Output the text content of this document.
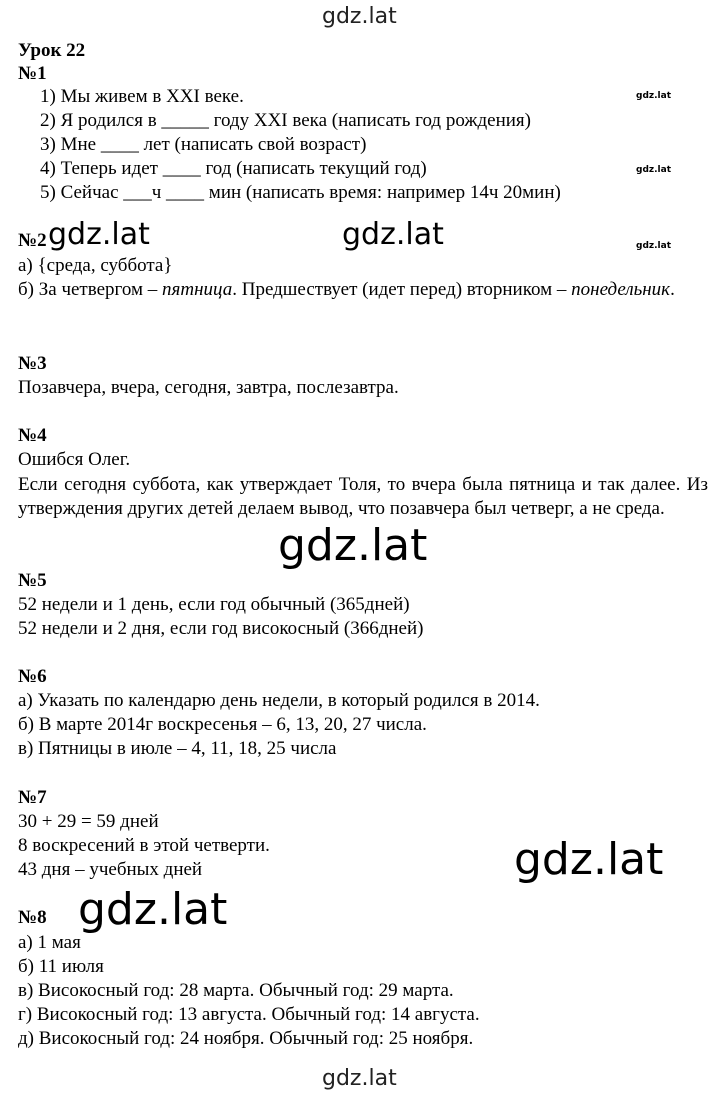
gdz.lat
gdz.lat
gdz.lat
gdz.lat
gdz.lat
gdz.lat	gdz.lat
gdz.lat
gdz.lat
gdz.lat
Урок 22
№1
1) Мы живем в XXI веке.
2) Я родился в _____ году XXI века (написать год рождения)
3) Мне ____ лет (написать свой возраст)
4) Теперь идет ____ год (написать текущий год)
5) Сейчас ___ч ____ мин (написать время: например 14ч 20мин)
№2
а) {среда, суббота}
б) За четвергом – пятница. Предшествует (идет перед) вторником – понедельник.
№3
Позавчера, вчера, сегодня, завтра, послезавтра.
№4
Ошибся Олег.
Если сегодня суббота, как утверждает Толя, то вчера была пятница и так далее. Из утверждения других детей делаем вывод, что позавчера был четверг, а не среда.
№5
52 недели и 1 день, если год обычный (365дней)
52 недели и 2 дня, если год високосный (366дней)
№6
а) Указать по календарю день недели, в который родился в 2014.
б) В марте 2014г воскресенья – 6, 13, 20, 27 числа.
в) Пятницы в июле – 4, 11, 18, 25 числа
№7
30 + 29 = 59 дней
8 воскресений в этой четверти.
43 дня – учебных дней
№8
а) 1 мая
б) 11 июля
в) Високосный год: 28 марта. Обычный год: 29 марта.
г) Високосный год: 13 августа. Обычный год: 14 августа.
д) Високосный год: 24 ноября. Обычный год: 25 ноября.
